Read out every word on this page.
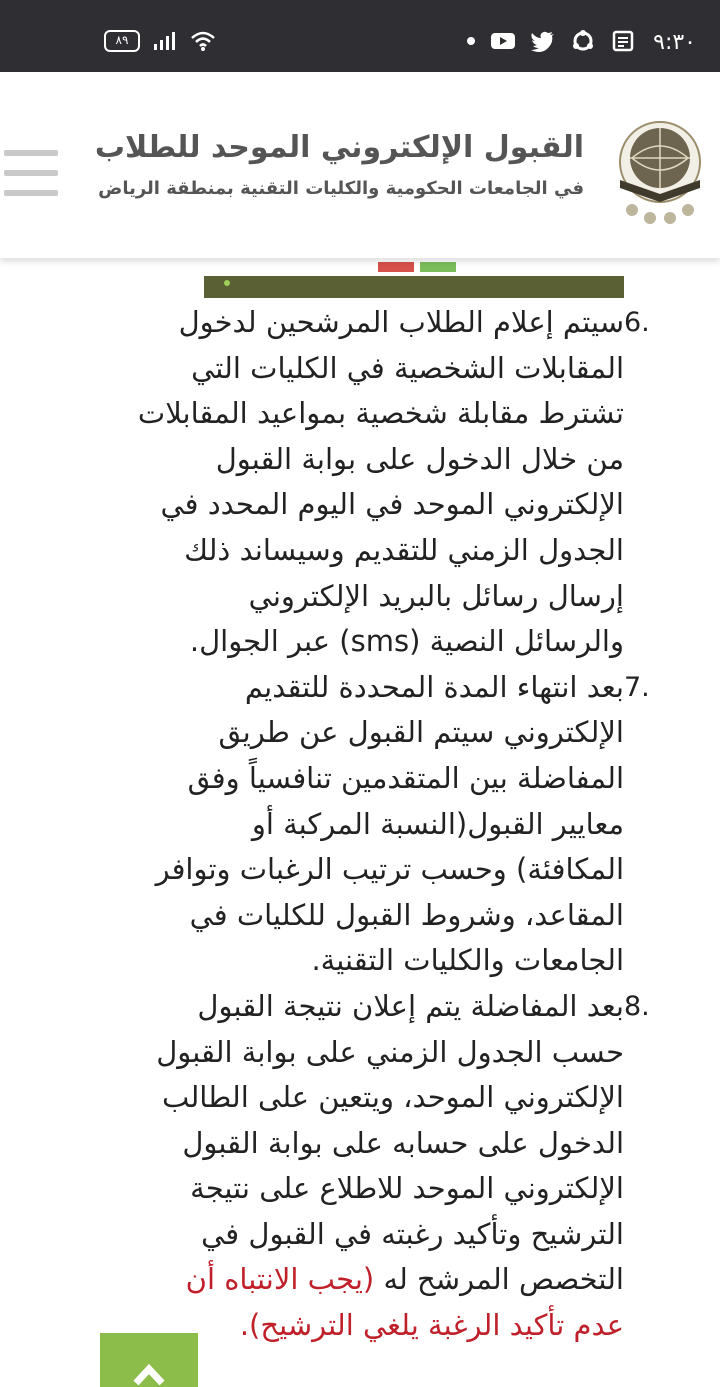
٨٩	٩:٣٠
القبول الإلكتروني الموحد للطلاب
في الجامعات الحكومية والكليات التقنية بمنطقة الرياض
6.
سيتم إعلام الطلاب المرشحين لدخول المقابلات الشخصية في الكليات التي تشترط مقابلة شخصية بمواعيد المقابلات من خلال الدخول على بوابة القبول الإلكتروني الموحد في اليوم المحدد في الجدول الزمني للتقديم وسيساند ذلك إرسال رسائل بالبريد الإلكتروني والرسائل النصية (sms) عبر الجوال.
7.
بعد انتهاء المدة المحددة للتقديم الإلكتروني سيتم القبول عن طريق المفاضلة بين المتقدمين تنافسياً وفق معايير القبول(النسبة المركبة أو المكافئة) وحسب ترتيب الرغبات وتوافر المقاعد، وشروط القبول للكليات في الجامعات والكليات التقنية.
8.
بعد المفاضلة يتم إعلان نتيجة القبول حسب الجدول الزمني على بوابة القبول الإلكتروني الموحد، ويتعين على الطالب الدخول على حسابه على بوابة القبول الإلكتروني الموحد للاطلاع على نتيجة الترشيح وتأكيد رغبته في القبول في التخصص المرشح له (يجب الانتباه أن عدم تأكيد الرغبة يلغي الترشيح).
